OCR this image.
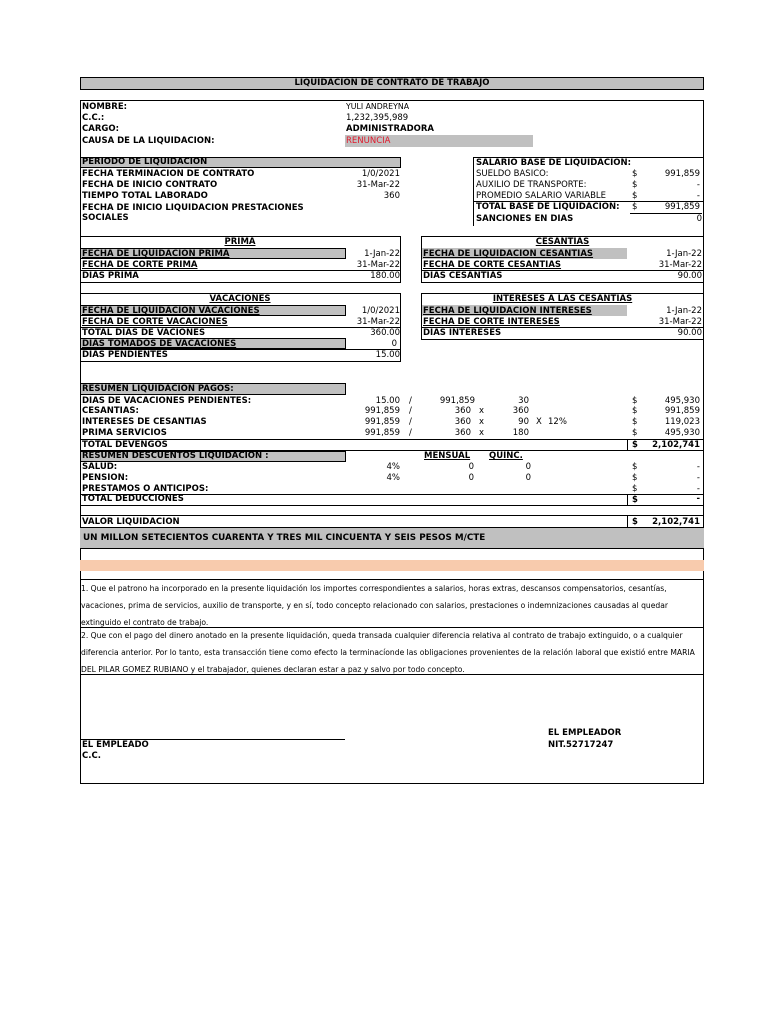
LIQUIDACION DE CONTRATO DE TRABAJO
NOMBRE:	YULI ANDREYNA
C.C.:	1,232,395,989
CARGO:	ADMINISTRADORA
CAUSA DE LA LIQUIDACION:	RENUNCIA
PERIODO DE LIQUIDACION
FECHA TERMINACION DE CONTRATO	1/0/2021
FECHA DE INICIO CONTRATO	31-Mar-22
TIEMPO TOTAL LABORADO	360
FECHA DE INICIO LIQUIDACION PRESTACIONES
SOCIALES
SALARIO BASE DE LIQUIDACION:
SUELDO BASICO:	$	991,859
AUXILIO DE TRANSPORTE:	$	-
PROMEDIO SALARIO VARIABLE	$	-
TOTAL BASE DE LIQUIDACION: $	991,859
SANCIONES EN DIAS	0
PRIMA
FECHA DE LIQUIDACION PRIMA	1-Jan-22
FECHA DE CORTE PRIMA	31-Mar-22
DIAS PRIMA	180.00
CESANTIAS
FECHA DE LIQUIDACION CESANTIAS	1-Jan-22
FECHA DE CORTE CESANTIAS	31-Mar-22
DIAS CESANTIAS	90.00
VACACIONES
FECHA DE LIQUIDACION VACACIONES	1/0/2021
FECHA DE CORTE VACACIONES	31-Mar-22
TOTAL DIAS DE VACIONES	360.00
DIAS TOMADOS DE VACACIONES	0
DIAS PENDIENTES	15.00
INTERESES A LAS CESANTIAS
FECHA DE LIQUIDACION INTERESES	1-Jan-22
FECHA DE CORTE INTERESES	31-Mar-22
DIAS INTERESES	90.00
RESUMEN LIQUIDACION PAGOS:
DIAS DE VACACIONES PENDIENTES:	15.00 /	991,859	30	$	495,930
CESANTIAS:	991,859 /	360 x	360	$	991,859
INTERESES DE CESANTIAS	991,859 /	360 x	90 X 12%	$	119,023
PRIMA SERVICIOS	991,859 /	360 x	180	$	495,930
TOTAL DEVENGOS	$	2,102,741
RESUMEN DESCUENTOS LIQUIDACION :	MENSUAL QUINC.
SALUD:	4%	0	0	$	-
PENSION:	4%	0	0	$	-
PRESTAMOS O ANTICIPOS:	$	-
TOTAL DEDUCCIONES	$	-
VALOR LIQUIDACION	$	2,102,741
UN MILLON SETECIENTOS CUARENTA Y TRES MIL CINCUENTA Y SEIS PESOS M/CTE
1. Que el patrono ha incorporado en la presente liquidación los importes correspondientes a salarios, horas extras, descansos compensatorios, cesantías, vacaciones, prima de servicios, auxilio de transporte, y en sí, todo concepto relacionado con salarios, prestaciones o indemnizaciones causadas al quedar extinguido el contrato de trabajo.
2. Que con el pago del dinero anotado en la presente liquidación, queda transada cualquier diferencia relativa al contrato de trabajo extinguido, o a cualquier diferencia anterior. Por lo tanto, esta transacción tiene como efecto la terminacíonde las obligaciones provenientes de la relación laboral que existió entre MARIA DEL PILAR GOMEZ RUBIANO y el trabajador, quienes declaran estar a paz y salvo por todo concepto.
EL EMPLEADO
C.C.
EL EMPLEADOR
NIT.52717247
